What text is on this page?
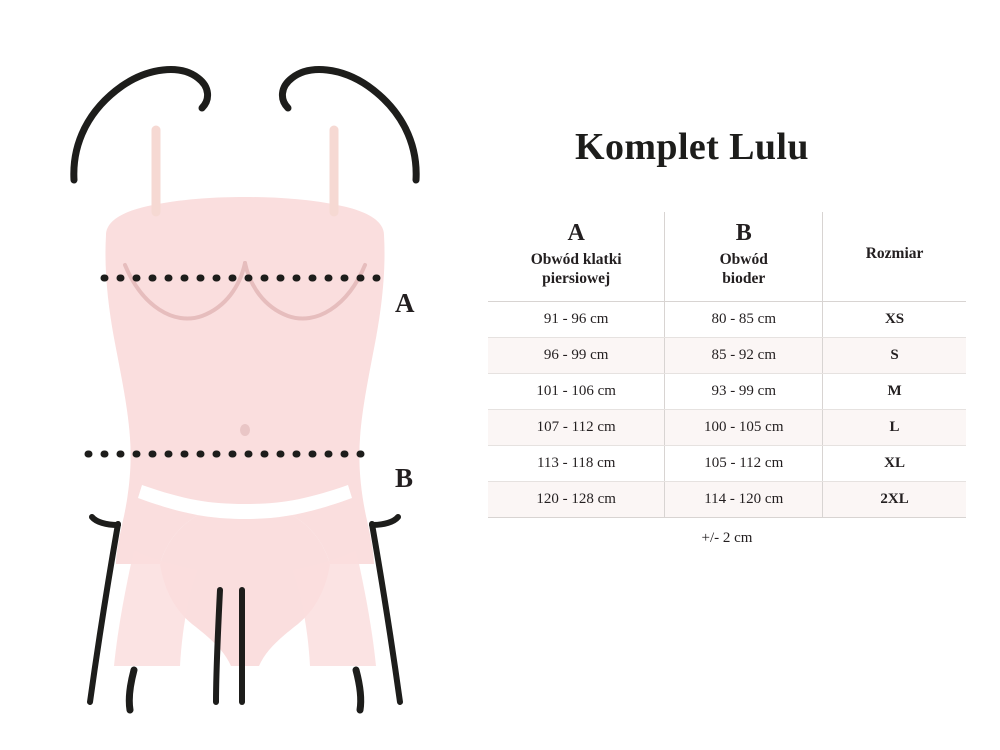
A
B
Komplet Lulu
A
Obwód klatki
piersiowej	B
Obwód
bioder	Rozmiar

91 - 96 cm	80 - 85 cm	XS
96 - 99 cm	85 - 92 cm	S
101 - 106 cm	93 - 99 cm	M
107 - 112 cm	100 - 105 cm	L
113 - 118 cm	105 - 112 cm	XL
120 - 128 cm	114 - 120 cm	2XL
+/- 2 cm
